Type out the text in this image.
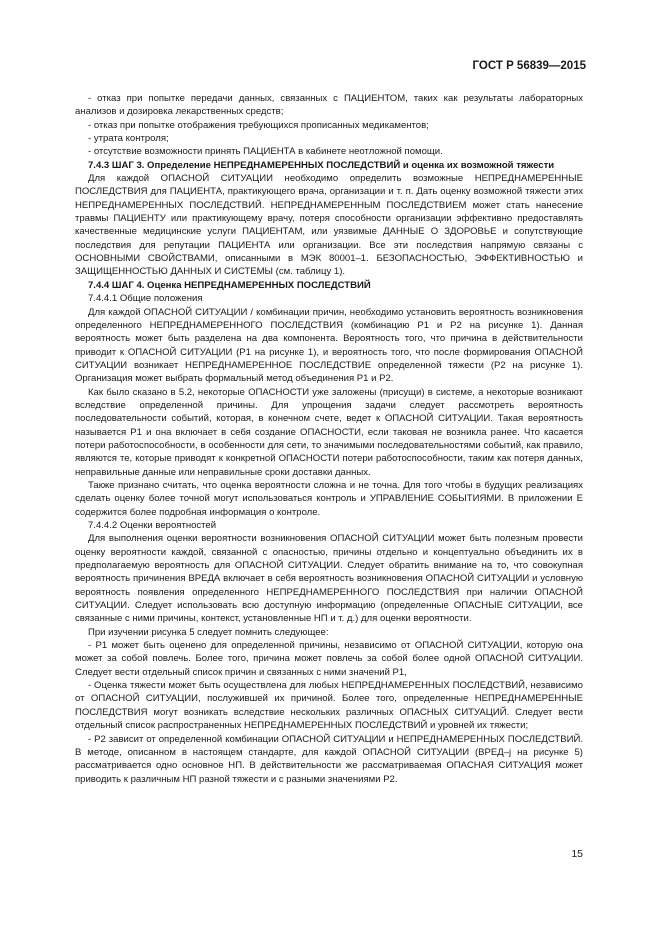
ГОСТ Р 56839—2015

- отказ при попытке передачи данных, связанных с ПАЦИЕНТОМ, таких как результаты лабораторных анализов и дозировка лекарственных средств;

- отказ при попытке отображения требующихся прописанных медикаментов;

- утрата контроля;

- отсутствие возможности принять ПАЦИЕНТА в кабинете неотложной помощи.

7.4.3 ШАГ 3. Определение НЕПРЕДНАМЕРЕННЫХ ПОСЛЕДСТВИЙ и оценка их возможной тяжести

Для каждой ОПАСНОЙ СИТУАЦИИ необходимо определить возможные НЕПРЕДНАМЕРЕННЫЕ ПОСЛЕДСТВИЯ для ПАЦИЕНТА, практикующего врача, организации и т. п. Дать оценку возможной тяжести этих НЕПРЕДНАМЕРЕННЫХ ПОСЛЕДСТВИЙ. НЕПРЕДНАМЕРЕННЫМ ПОСЛЕДСТВИЕМ может стать нанесение травмы ПАЦИЕНТУ или практикующему врачу, потеря способности организации эффективно предоставлять качественные медицинские услуги ПАЦИЕНТАМ, или уязвимые ДАННЫЕ О ЗДОРОВЬЕ и сопутствующие последствия для репутации ПАЦИЕНТА или организации. Все эти последствия напрямую связаны с ОСНОВНЫМИ СВОЙСТВАМИ, описанными в МЭК 80001–1. БЕЗОПАСНОСТЬЮ, ЭФФЕКТИВНОСТЬЮ и ЗАЩИЩЕННОСТЬЮ ДАННЫХ И СИСТЕМЫ (см. таблицу 1).

7.4.4 ШАГ 4. Оценка НЕПРЕДНАМЕРЕННЫХ ПОСЛЕДСТВИЙ

7.4.4.1 Общие положения

Для каждой ОПАСНОЙ СИТУАЦИИ / комбинации причин, необходимо установить вероятность возникновения определенного НЕПРЕДНАМЕРЕННОГО ПОСЛЕДСТВИЯ (комбинацию P1 и P2 на рисунке 1). Данная вероятность может быть разделена на два компонента. Вероятность того, что причина в действительности приводит к ОПАСНОЙ СИТУАЦИИ (P1 на рисунке 1), и вероятность того, что после формирования ОПАСНОЙ СИТУАЦИИ возникает НЕПРЕДНАМЕРЕННОЕ ПОСЛЕДСТВИЕ определенной тяжести (P2 на рисунке 1). Организация может выбрать формальный метод объединения P1 и P2.

Как было сказано в 5.2, некоторые ОПАСНОСТИ уже заложены (присущи) в системе, а некоторые возникают вследствие определенной причины. Для упрощения задачи следует рассмотреть вероятность последовательности событий, которая, в конечном счете, ведет к ОПАСНОЙ СИТУАЦИИ. Такая вероятность называется P1 и она включает в себя создание ОПАСНОСТИ, если таковая не возникла ранее. Что касается потери работоспособности, в особенности для сети, то значимыми последовательностями событий, как правило, являются те, которые приводят к конкретной ОПАСНОСТИ потери работоспособности, таким как потеря данных, неправильные данные или неправильные сроки доставки данных.

Также признано считать, что оценка вероятности сложна и не точна. Для того чтобы в будущих реализациях сделать оценку более точной могут использоваться контроль и УПРАВЛЕНИЕ СОБЫТИЯМИ. В приложении Е содержится более подробная информация о контроле.

7.4.4.2 Оценки вероятностей

Для выполнения оценки вероятности возникновения ОПАСНОЙ СИТУАЦИИ может быть полезным провести оценку вероятности каждой, связанной с опасностью, причины отдельно и концептуально объединить их в предполагаемую вероятность для ОПАСНОЙ СИТУАЦИИ. Следует обратить внимание на то, что совокупная вероятность причинения ВРЕДА включает в себя вероятность возникновения ОПАСНОЙ СИТУАЦИИ и условную вероятность появления определенного НЕПРЕДНАМЕРЕННОГО ПОСЛЕДСТВИЯ при наличии ОПАСНОЙ СИТУАЦИИ. Следует использовать всю доступную информацию (определенные ОПАСНЫЕ СИТУАЦИИ, все связанные с ними причины, контекст, установленные НП и т. д.) для оценки вероятности.

При изучении рисунка 5 следует помнить следующее:

- P1 может быть оценено для определенной причины, независимо от ОПАСНОЙ СИТУАЦИИ, которую она может за собой повлечь. Более того, причина может повлечь за собой более одной ОПАСНОЙ СИТУАЦИИ. Следует вести отдельный список причин и связанных с ними значений P1,

- Оценка тяжести может быть осуществлена для любых НЕПРЕДНАМЕРЕННЫХ ПОСЛЕДСТВИЙ, независимо от ОПАСНОЙ СИТУАЦИИ, послужившей их причиной. Более того, определенные НЕПРЕДНАМЕРЕННЫЕ ПОСЛЕДСТВИЯ могут возникать вследствие нескольких различных ОПАСНЫХ СИТУАЦИЙ. Следует вести отдельный список распространенных НЕПРЕДНАМЕРЕННЫХ ПОСЛЕДСТВИЙ и уровней их тяжести;

- P2 зависит от определенной комбинации ОПАСНОЙ СИТУАЦИИ и НЕПРЕДНАМЕРЕННЫХ ПОСЛЕДСТВИЙ. В методе, описанном в настоящем стандарте, для каждой ОПАСНОЙ СИТУАЦИИ (ВРЕД–j на рисунке 5) рассматривается одно основное НП. В действительности же рассматриваемая ОПАСНАЯ СИТУАЦИЯ может приводить к различным НП разной тяжести и с разными значениями P2.

15
